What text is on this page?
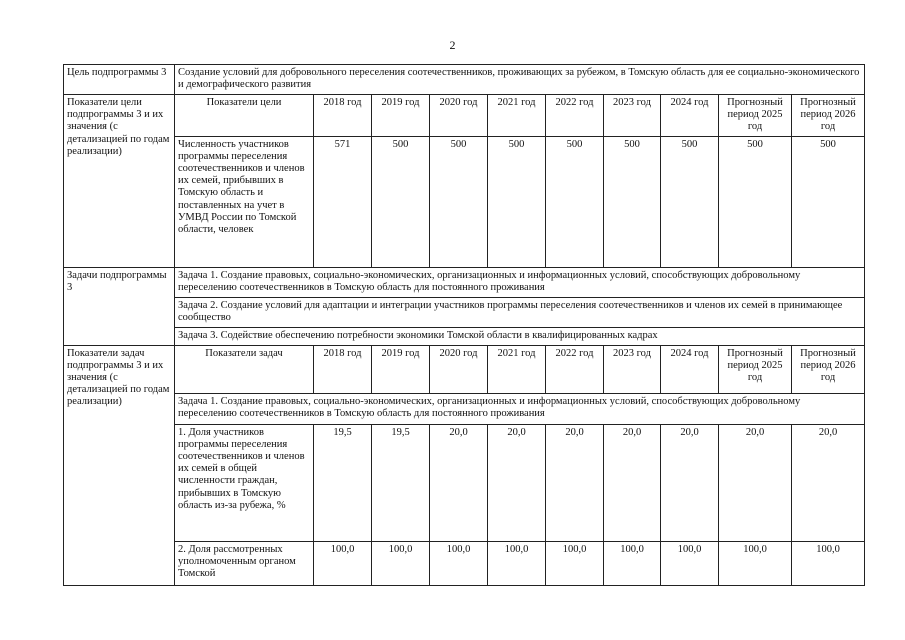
2
Цель подпрограммы 3	Создание условий для добровольного переселения соотечественников, проживающих за рубежом, в Томскую область для ее социально-экономического и демографического развития									
Показатели цели подпрограммы 3 и их значения (с детализацией по годам реализации)	Показатели цели	2018 год	2019 год	2020 год	2021 год	2022 год	2023 год	2024 год	Прогнозный период 2025 год	Прогнозный период 2026 год
	Численность участников программы переселения соотечественников и членов их семей, прибывших в Томскую область и поставленных на учет в УМВД России по Томской области, человек	571	500	500	500	500	500	500	500	500
Задачи подпрограммы 3	Задача 1. Создание правовых, социально-экономических, организационных и информационных условий, способствующих добровольному переселению соотечественников в Томскую область для постоянного проживания									
	Задача 2. Создание условий для адаптации и интеграции участников программы переселения соотечественников и членов их семей в принимающее сообщество									
	Задача 3. Содействие обеспечению потребности экономики Томской области в квалифицированных кадрах									
Показатели задач подпрограммы 3 и их значения (с детализацией по годам реализации)	Показатели задач	2018 год	2019 год	2020 год	2021 год	2022 год	2023 год	2024 год	Прогнозный период 2025 год	Прогнозный период 2026 год
	Задача 1. Создание правовых, социально-экономических, организационных и информационных условий, способствующих добровольному переселению соотечественников в Томскую область для постоянного проживания									
	1. Доля участников программы переселения соотечественников и членов их семей в общей численности граждан, прибывших в Томскую область из-за рубежа, %	19,5	19,5	20,0	20,0	20,0	20,0	20,0	20,0	20,0
	2. Доля рассмотренных уполномоченным органом Томской	100,0	100,0	100,0	100,0	100,0	100,0	100,0	100,0	100,0
